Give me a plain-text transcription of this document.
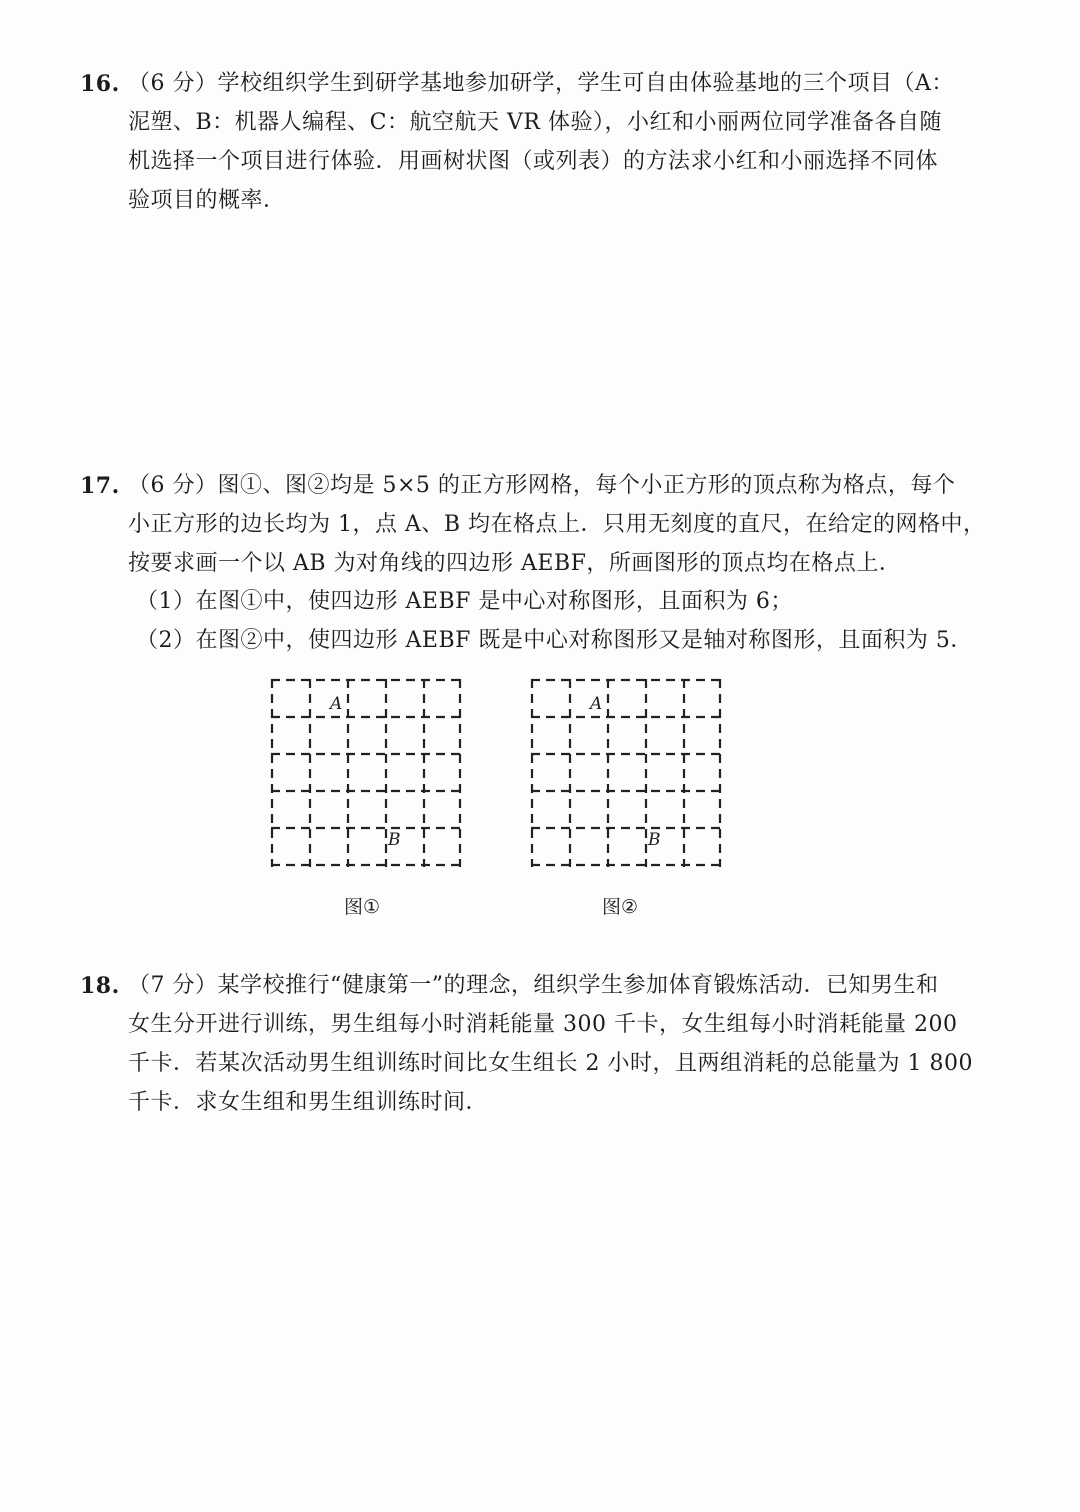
16. （6 分）学校组织学生到研学基地参加研学，学生可自由体验基地的三个项目（A：
泥塑、B：机器人编程、C：航空航天 VR 体验），小红和小丽两位同学准备各自随
机选择一个项目进行体验．用画树状图（或列表）的方法求小红和小丽选择不同体
验项目的概率．
17. （6 分）图①、图②均是 5×5 的正方形网格，每个小正方形的顶点称为格点，每个
小正方形的边长均为 1，点 A、B 均在格点上．只用无刻度的直尺，在给定的网格中，
按要求画一个以 AB 为对角线的四边形 AEBF，所画图形的顶点均在格点上．
（1）在图①中，使四边形 AEBF 是中心对称图形，且面积为 6；
（2）在图②中，使四边形 AEBF 既是中心对称图形又是轴对称图形，且面积为 5．
A
B
图①
A
B
图②
18. （7 分）某学校推行“健康第一”的理念，组织学生参加体育锻炼活动．已知男生和
女生分开进行训练，男生组每小时消耗能量 300 千卡，女生组每小时消耗能量 200
千卡．若某次活动男生组训练时间比女生组长 2 小时，且两组消耗的总能量为 1 800
千卡．求女生组和男生组训练时间．
